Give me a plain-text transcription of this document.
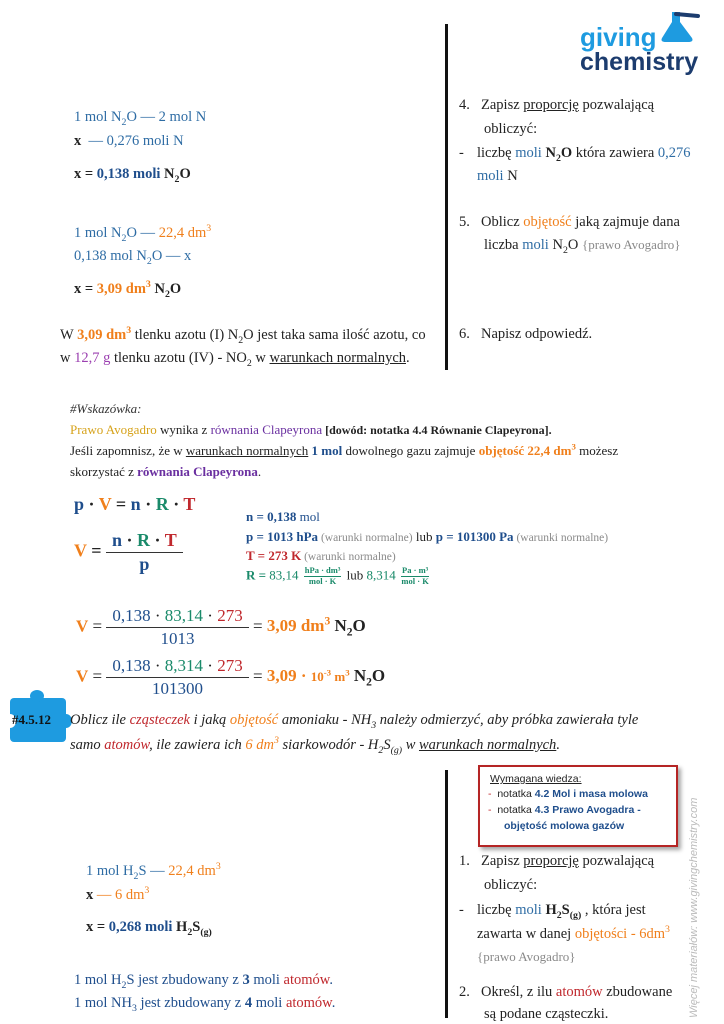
giving
chemistry
Więcej materiałów: www.givingchemistry.com
1 mol $N_2O$ — 2 mol N
x — 0,276 moli N
x = 0,138 moli $N_2O$
1 mol $N_2O$ — 22,4 $dm^3$
0,138 mol $N_2O$ — x
x = 3,09 $dm^3$ $N_2O$
W 3,09 $dm^3$ tlenku azotu (I) $N_2O$ jest taka sama ilość azotu, co
w 12,7 g tlenku azotu $(IV) - NO_2$ w warunkach normalnych.
4. Zapisz proporcję pozwalającą
obliczyć:
- liczbę moli $N_2O$ która zawiera 0,276
moli N
5. Oblicz objętość jaką zajmuje dana
liczba moli $N_2O$ {prawo Avogadro}
6. Napisz odpowiedź.
#Wskazówka:
Prawo Avogadro wynika z równania Clapeyrona [dowód: notatka 4.4 Równanie Clapeyrona].
Jeśli zapomnisz, że w warunkach normalnych 1 mol dowolnego gazu zajmuje objętość 22,4 $dm^3$ możesz
skorzystać z równania Clapeyrona.
p · V = n · R · T
$V = \frac{n \cdot R \cdot T}{p}$
n = 0,138 mol
p = 1013 hPa (warunki normalne) lub p = 101300 Pa (warunki normalne)
T = 273 K (warunki normalne)
R = 83,14 hPa · dm³
mol · K lub 8,314 Pa · m³
mol · K
$V = \frac{0,138 \cdot 83,14 \cdot 273}{1013} = 3,09$ $dm^3$ $N_2O$
$V = \frac{0,138 \cdot 8,314 \cdot 273}{101300} = 3,09 \cdot 10^{-3}$ $m^3$ $N_2O$
#4.5.12 Oblicz ile cząsteczek i jaką objętość amoniaku - $NH_3$ należy odmierzyć, aby próbka zawierała tyle
samo atomów, ile zawiera ich 6 $dm^3$ siarkowodór - $H_2S_{(g)}$ w warunkach normalnych.
Wymagana wiedza:
-  notatka 4.2 Mol i masa molowa
-  notatka 4.3 Prawo Avogadra -
objętość molowa gazów
1 mol $H_2S$ — 22,4 $dm^3$
x — 6 $dm^3$
x = 0,268 moli $H_2S_{(g)}$
1 mol $H_2S$ jest zbudowany z 3 moli atomów.
1 mol $NH_3$ jest zbudowany z 4 moli atomów.
1. Zapisz proporcję pozwalającą
obliczyć:
- liczbę moli $H_2S_{(g)}$ , która jest
zawarta w danej objętości - $6dm^3$
{prawo Avogadro}
2. Określ, z ilu atomów zbudowane
są podane cząsteczki.
